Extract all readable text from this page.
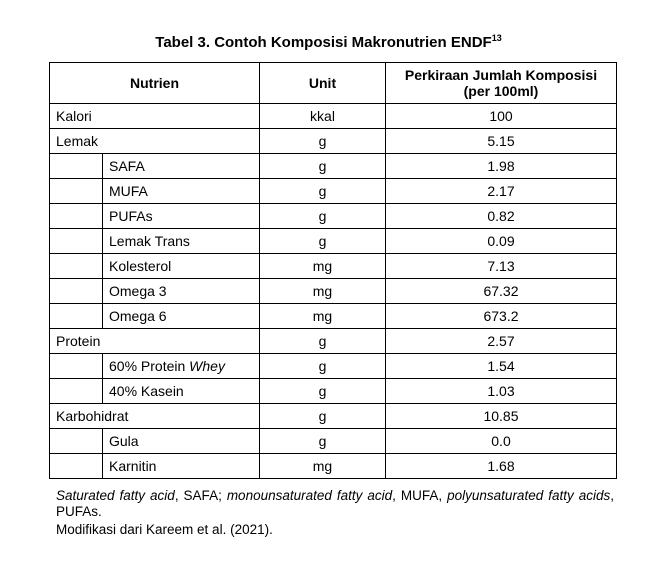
Tabel 3. Contoh Komposisi Makronutrien ENDF$^{13}$
Nutrien		Unit	Perkiraan Jumlah Komposisi
(per 100ml)
Kalori		kkal	100
Lemak		g	5.15
	SAFA	g	1.98
	MUFA	g	2.17
	PUFAs	g	0.82
	Lemak Trans	g	0.09
	Kolesterol	mg	7.13
	Omega 3	mg	67.32
	Omega 6	mg	673.2
Protein		g	2.57
	60% Protein Whey	g	1.54
	40% Kasein	g	1.03
Karbohidrat		g	10.85
	Gula	g	0.0
	Karnitin	mg	1.68
Saturated fatty acid, SAFA; monounsaturated fatty acid, MUFA, polyunsaturated fatty acids, PUFAs.
Modifikasi dari Kareem et al. (2021).
